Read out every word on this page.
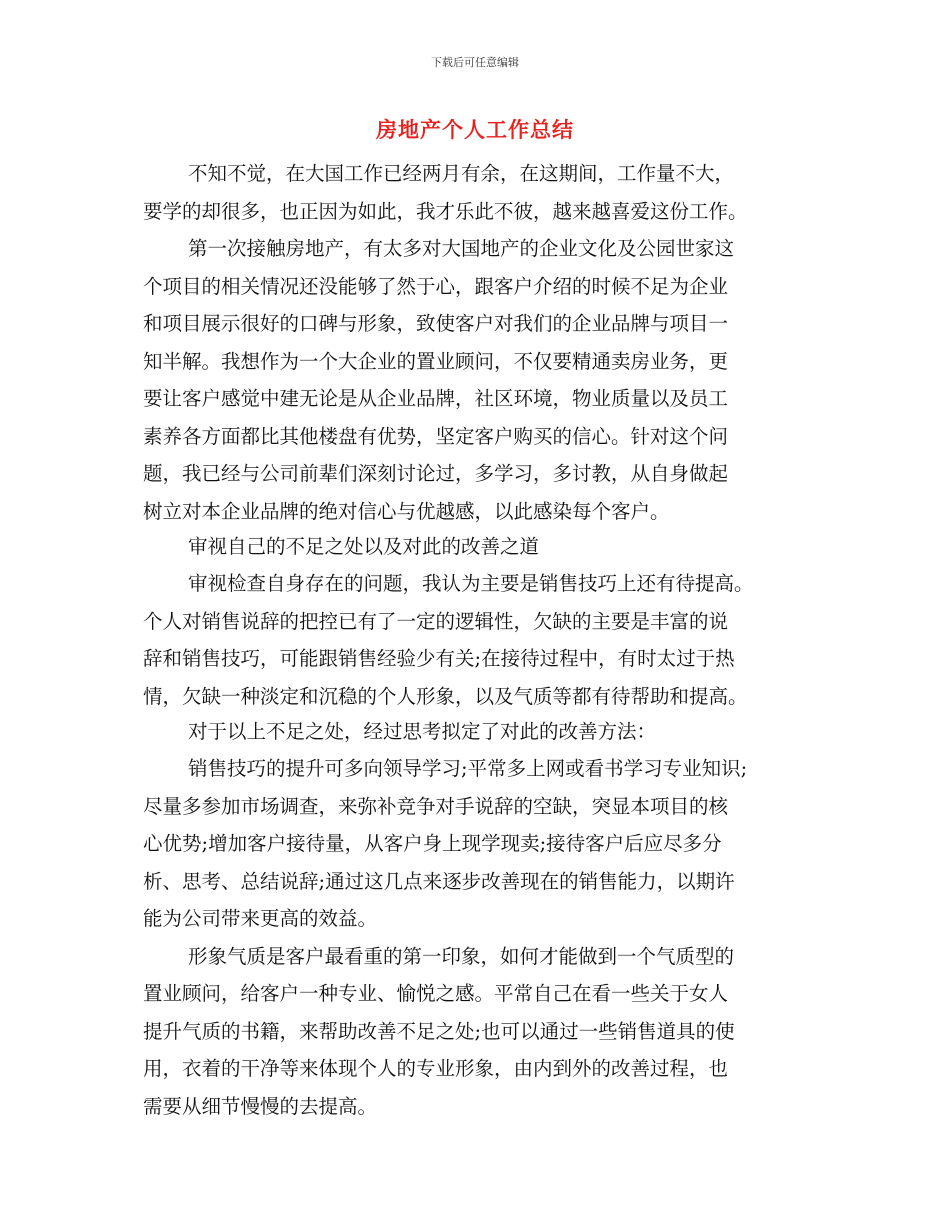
下载后可任意编辑
房地产个人工作总结
不知不觉，在大国工作已经两月有余，在这期间，工作量不大，
要学的却很多，也正因为如此，我才乐此不彼，越来越喜爱这份工作。
第一次接触房地产，有太多对大国地产的企业文化及公园世家这
个项目的相关情况还没能够了然于心，跟客户介绍的时候不足为企业
和项目展示很好的口碑与形象，致使客户对我们的企业品牌与项目一
知半解。我想作为一个大企业的置业顾问，不仅要精通卖房业务，更
要让客户感觉中建无论是从企业品牌，社区环境，物业质量以及员工
素养各方面都比其他楼盘有优势，坚定客户购买的信心。针对这个问
题，我已经与公司前辈们深刻讨论过，多学习，多讨教，从自身做起
树立对本企业品牌的绝对信心与优越感，以此感染每个客户。
审视自己的不足之处以及对此的改善之道
审视检查自身存在的问题，我认为主要是销售技巧上还有待提高。
个人对销售说辞的把控已有了一定的逻辑性，欠缺的主要是丰富的说
辞和销售技巧，可能跟销售经验少有关;在接待过程中，有时太过于热
情，欠缺一种淡定和沉稳的个人形象，以及气质等都有待帮助和提高。
对于以上不足之处，经过思考拟定了对此的改善方法：
销售技巧的提升可多向领导学习;平常多上网或看书学习专业知识;
尽量多参加市场调查，来弥补竞争对手说辞的空缺，突显本项目的核
心优势;增加客户接待量，从客户身上现学现卖;接待客户后应尽多分
析、思考、总结说辞;通过这几点来逐步改善现在的销售能力，以期许
能为公司带来更高的效益。
形象气质是客户最看重的第一印象，如何才能做到一个气质型的
置业顾问，给客户一种专业、愉悦之感。平常自己在看一些关于女人
提升气质的书籍，来帮助改善不足之处;也可以通过一些销售道具的使
用，衣着的干净等来体现个人的专业形象，由内到外的改善过程，也
需要从细节慢慢的去提高。
